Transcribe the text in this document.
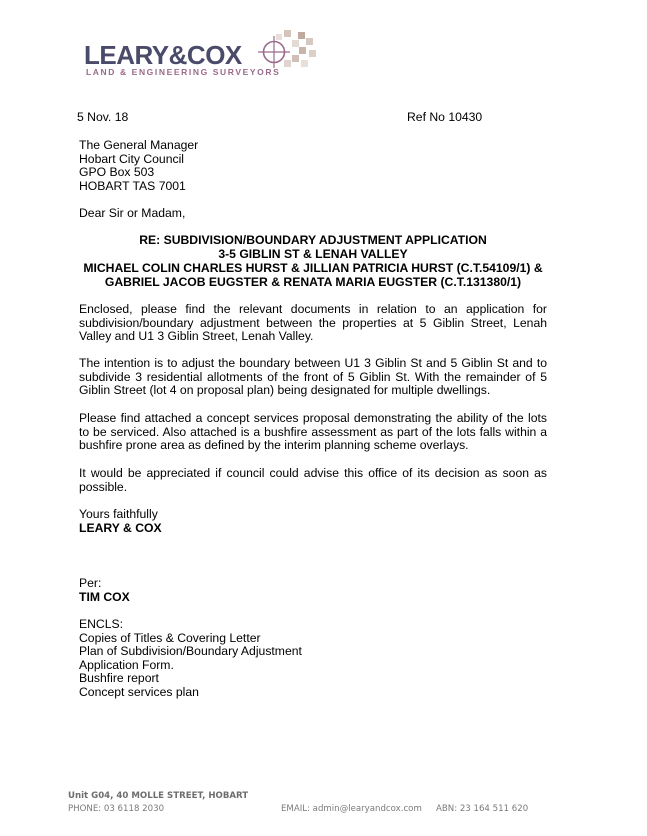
LEARY&COX
LAND & ENGINEERING SURVEYORS
5 Nov. 18	Ref No 10430
The General Manager
Hobart City Council
GPO Box 503
HOBART TAS 7001
Dear Sir or Madam,
RE: SUBDIVISION/BOUNDARY ADJUSTMENT APPLICATION
3-5 GIBLIN ST & LENAH VALLEY
MICHAEL COLIN CHARLES HURST & JILLIAN PATRICIA HURST (C.T.54109/1) &
GABRIEL JACOB EUGSTER & RENATA MARIA EUGSTER (C.T.131380/1)
Enclosed, please find the relevant documents in relation to an application for subdivision/boundary adjustment between the properties at 5 Giblin Street, Lenah Valley and U1 3 Giblin Street, Lenah Valley.
The intention is to adjust the boundary between U1 3 Giblin St and 5 Giblin St and to subdivide 3 residential allotments of the front of 5 Giblin St. With the remainder of 5 Giblin Street (lot 4 on proposal plan) being designated for multiple dwellings.
Please find attached a concept services proposal demonstrating the ability of the lots to be serviced. Also attached is a bushfire assessment as part of the lots falls within a bushfire prone area as defined by the interim planning scheme overlays.
It would be appreciated if council could advise this office of its decision as soon as possible.
Yours faithfully
LEARY & COX
Per:
TIM COX
ENCLS:
Copies of Titles & Covering Letter
Plan of Subdivision/Boundary Adjustment
Application Form.
Bushfire report
Concept services plan
Unit G04, 40 MOLLE STREET, HOBART
PHONE: 03 6118 2030	EMAIL: admin@learyandcox.com ABN: 23 164 511 620
